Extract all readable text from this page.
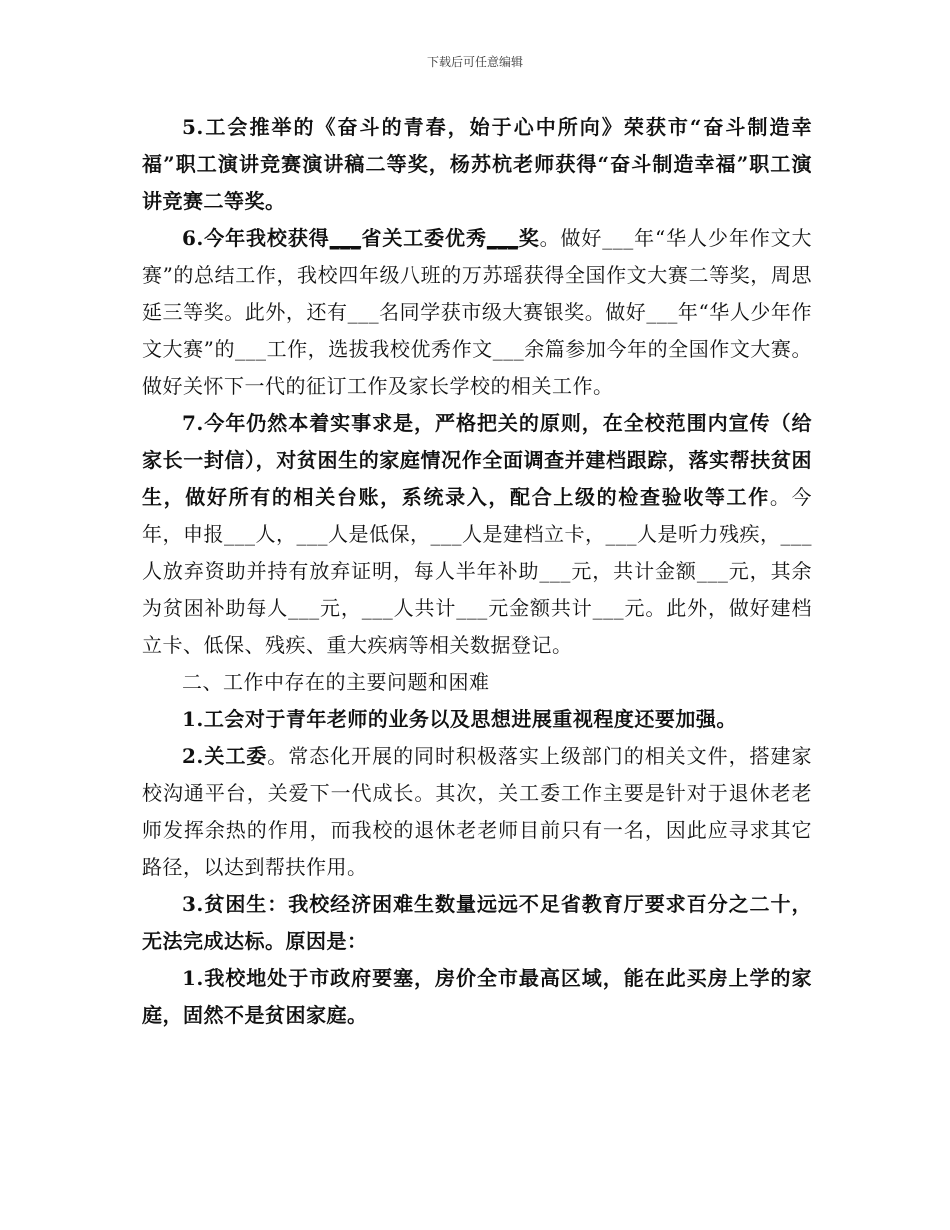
下载后可任意编辑

5.工会推举的《奋斗的青春，始于心中所向》荣获市“奋斗制造幸福”职工演讲竞赛演讲稿二等奖，杨苏杭老师获得“奋斗制造幸福”职工演讲竞赛二等奖。

6.今年我校获得___省关工委优秀___奖。做好___年“华人少年作文大赛”的总结工作，我校四年级八班的万苏瑶获得全国作文大赛二等奖，周思延三等奖。此外，还有___名同学获市级大赛银奖。做好___年“华人少年作文大赛”的___工作，选拔我校优秀作文___余篇参加今年的全国作文大赛。做好关怀下一代的征订工作及家长学校的相关工作。

7.今年仍然本着实事求是，严格把关的原则，在全校范围内宣传（给家长一封信），对贫困生的家庭情况作全面调查并建档跟踪，落实帮扶贫困生，做好所有的相关台账，系统录入，配合上级的检查验收等工作。今年，申报___人，___人是低保，___人是建档立卡，___人是听力残疾，___人放弃资助并持有放弃证明，每人半年补助___元，共计金额___元，其余为贫困补助每人___元，___人共计___元金额共计___元。此外，做好建档立卡、低保、残疾、重大疾病等相关数据登记。

二、工作中存在的主要问题和困难

1.工会对于青年老师的业务以及思想进展重视程度还要加强。

2.关工委。常态化开展的同时积极落实上级部门的相关文件，搭建家校沟通平台，关爱下一代成长。其次，关工委工作主要是针对于退休老老师发挥余热的作用，而我校的退休老老师目前只有一名，因此应寻求其它路径，以达到帮扶作用。

3.贫困生：我校经济困难生数量远远不足省教育厅要求百分之二十，无法完成达标。原因是：

1.我校地处于市政府要塞，房价全市最高区域，能在此买房上学的家庭，固然不是贫困家庭。
